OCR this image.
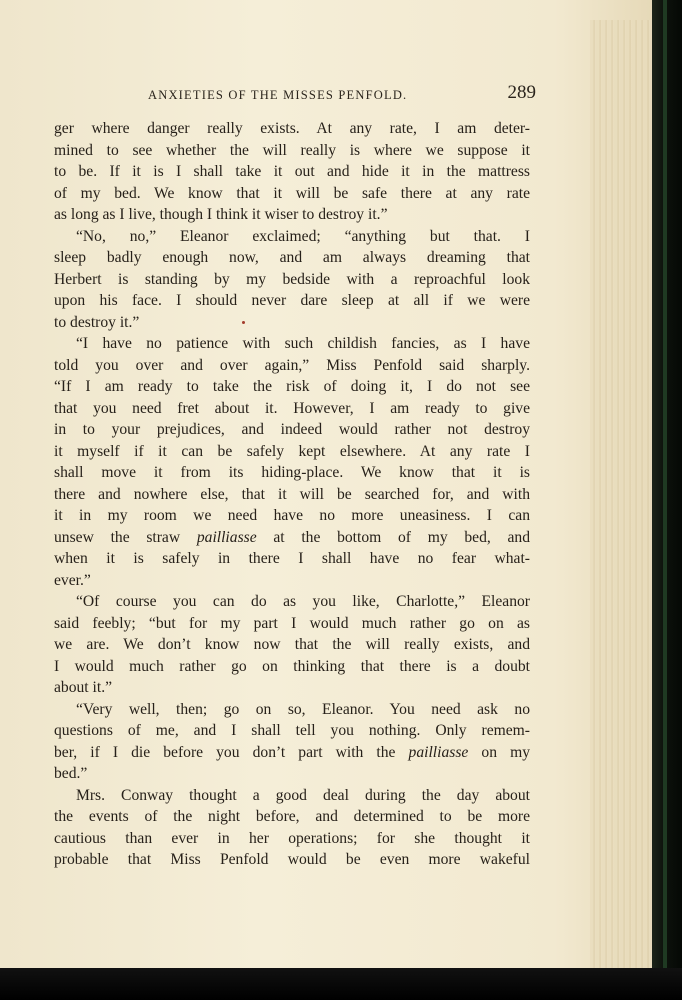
ANXIETIES OF THE MISSES PENFOLD.	289
ger where danger really exists. At any rate, I am deter-
mined to see whether the will really is where we suppose it
to be. If it is I shall take it out and hide it in the mattress
of my bed. We know that it will be safe there at any rate
as long as I live, though I think it wiser to destroy it.”
“No, no,” Eleanor exclaimed; “anything but that. I
sleep badly enough now, and am always dreaming that
Herbert is standing by my bedside with a reproachful look
upon his face. I should never dare sleep at all if we were
to destroy it.”
“I have no patience with such childish fancies, as I have
told you over and over again,” Miss Penfold said sharply.
“If I am ready to take the risk of doing it, I do not see
that you need fret about it. However, I am ready to give
in to your prejudices, and indeed would rather not destroy
it myself if it can be safely kept elsewhere. At any rate I
shall move it from its hiding-place. We know that it is
there and nowhere else, that it will be searched for, and with
it in my room we need have no more uneasiness. I can
unsew the straw pailliasse at the bottom of my bed, and
when it is safely in there I shall have no fear what-
ever.”
“Of course you can do as you like, Charlotte,” Eleanor
said feebly; “but for my part I would much rather go on as
we are. We don’t know now that the will really exists, and
I would much rather go on thinking that there is a doubt
about it.”
“Very well, then; go on so, Eleanor. You need ask no
questions of me, and I shall tell you nothing. Only remem-
ber, if I die before you don’t part with the pailliasse on my
bed.”
Mrs. Conway thought a good deal during the day about
the events of the night before, and determined to be more
cautious than ever in her operations; for she thought it
probable that Miss Penfold would be even more wakeful
